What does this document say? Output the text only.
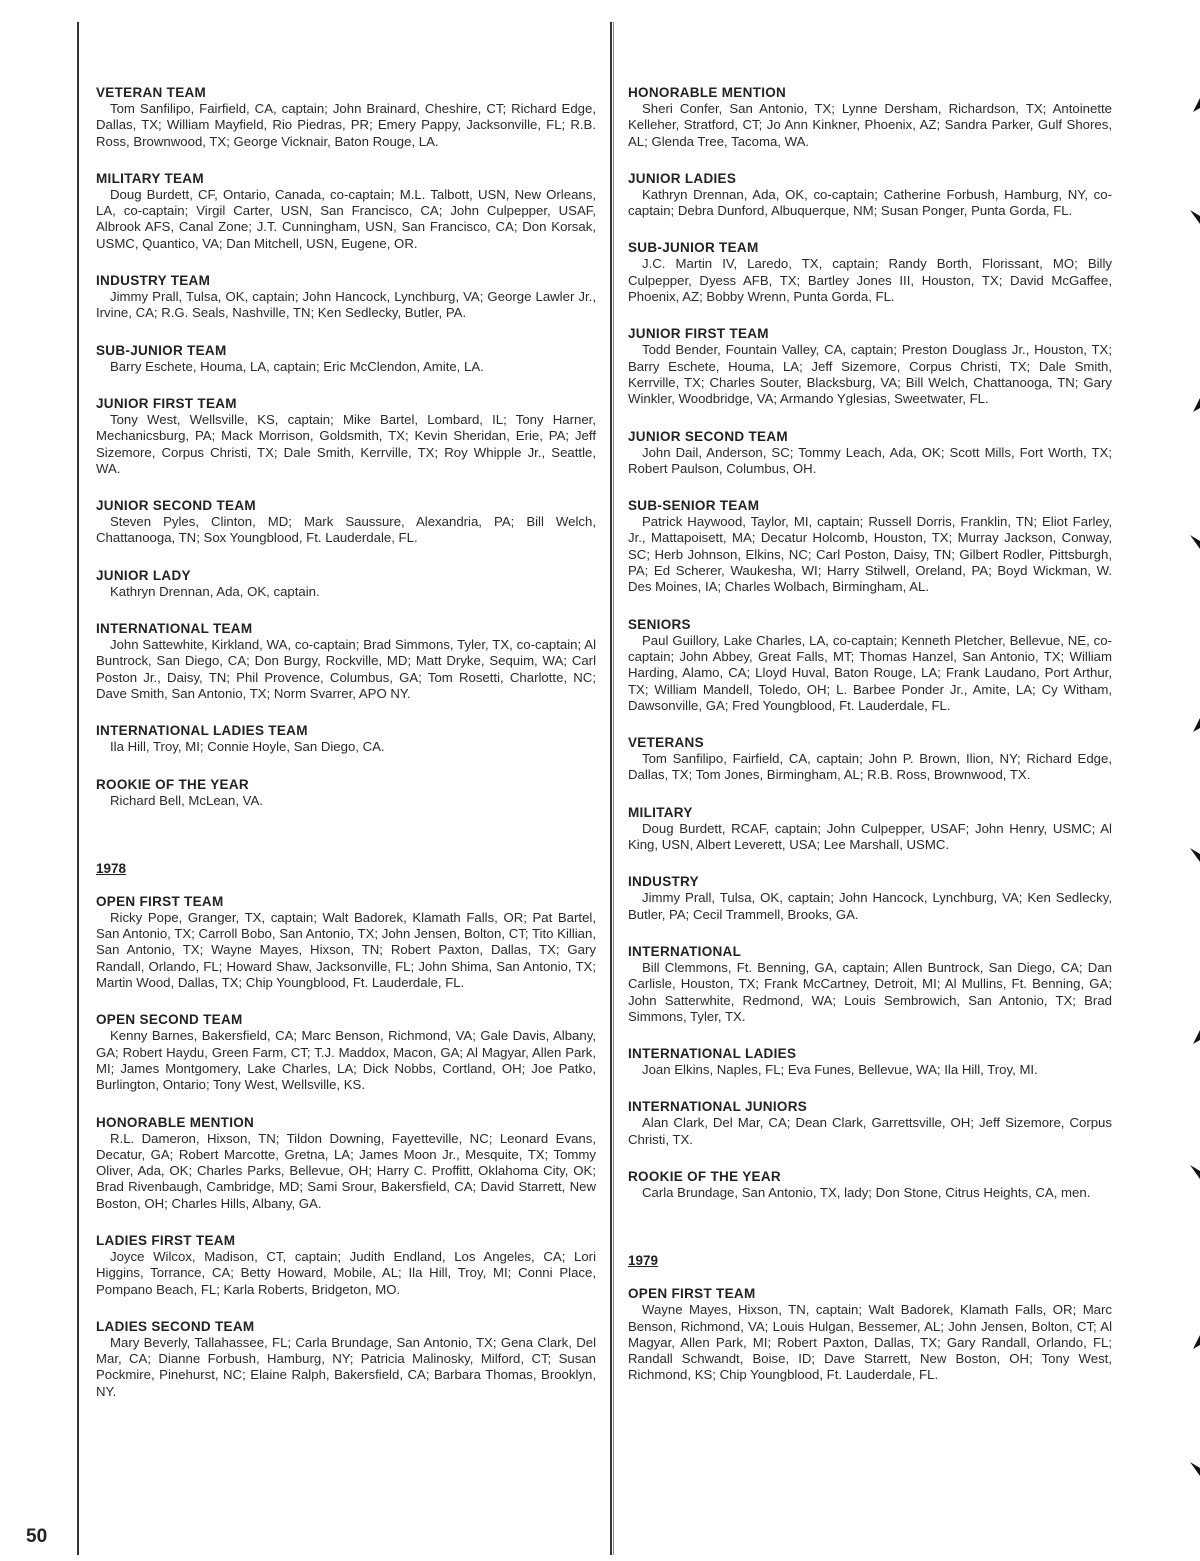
VETERAN TEAM
Tom Sanfilipo, Fairfield, CA, captain; John Brainard, Cheshire, CT; Richard Edge, Dallas, TX; William Mayfield, Rio Piedras, PR; Emery Pappy, Jacksonville, FL; R.B. Ross, Brownwood, TX; George Vicknair, Baton Rouge, LA.
MILITARY TEAM
Doug Burdett, CF, Ontario, Canada, co-captain; M.L. Talbott, USN, New Orleans, LA, co-captain; Virgil Carter, USN, San Francisco, CA; John Culpepper, USAF, Albrook AFS, Canal Zone; J.T. Cunningham, USN, San Francisco, CA; Don Korsak, USMC, Quantico, VA; Dan Mitchell, USN, Eugene, OR.
INDUSTRY TEAM
Jimmy Prall, Tulsa, OK, captain; John Hancock, Lynchburg, VA; George Lawler Jr., Irvine, CA; R.G. Seals, Nashville, TN; Ken Sedlecky, Butler, PA.
SUB-JUNIOR TEAM
Barry Eschete, Houma, LA, captain; Eric McClendon, Amite, LA.
JUNIOR FIRST TEAM
Tony West, Wellsville, KS, captain; Mike Bartel, Lombard, IL; Tony Harner, Mechanicsburg, PA; Mack Morrison, Goldsmith, TX; Kevin Sheridan, Erie, PA; Jeff Sizemore, Corpus Christi, TX; Dale Smith, Kerrville, TX; Roy Whipple Jr., Seattle, WA.
JUNIOR SECOND TEAM
Steven Pyles, Clinton, MD; Mark Saussure, Alexandria, PA; Bill Welch, Chattanooga, TN; Sox Youngblood, Ft. Lauderdale, FL.
JUNIOR LADY
Kathryn Drennan, Ada, OK, captain.
INTERNATIONAL TEAM
John Sattewhite, Kirkland, WA, co-captain; Brad Simmons, Tyler, TX, co-captain; Al Buntrock, San Diego, CA; Don Burgy, Rockville, MD; Matt Dryke, Sequim, WA; Carl Poston Jr., Daisy, TN; Phil Provence, Columbus, GA; Tom Rosetti, Charlotte, NC; Dave Smith, San Antonio, TX; Norm Svarrer, APO NY.
INTERNATIONAL LADIES TEAM
Ila Hill, Troy, MI; Connie Hoyle, San Diego, CA.
ROOKIE OF THE YEAR
Richard Bell, McLean, VA.
1978
OPEN FIRST TEAM
Ricky Pope, Granger, TX, captain; Walt Badorek, Klamath Falls, OR; Pat Bartel, San Antonio, TX; Carroll Bobo, San Antonio, TX; John Jensen, Bolton, CT; Tito Killian, San Antonio, TX; Wayne Mayes, Hixson, TN; Robert Paxton, Dallas, TX; Gary Randall, Orlando, FL; Howard Shaw, Jacksonville, FL; John Shima, San Antonio, TX; Martin Wood, Dallas, TX; Chip Youngblood, Ft. Lauderdale, FL.
OPEN SECOND TEAM
Kenny Barnes, Bakersfield, CA; Marc Benson, Richmond, VA; Gale Davis, Albany, GA; Robert Haydu, Green Farm, CT; T.J. Maddox, Macon, GA; Al Magyar, Allen Park, MI; James Montgomery, Lake Charles, LA; Dick Nobbs, Cortland, OH; Joe Patko, Burlington, Ontario; Tony West, Wellsville, KS.
HONORABLE MENTION
R.L. Dameron, Hixson, TN; Tildon Downing, Fayetteville, NC; Leonard Evans, Decatur, GA; Robert Marcotte, Gretna, LA; James Moon Jr., Mesquite, TX; Tommy Oliver, Ada, OK; Charles Parks, Bellevue, OH; Harry C. Proffitt, Oklahoma City, OK; Brad Rivenbaugh, Cambridge, MD; Sami Srour, Bakersfield, CA; David Starrett, New Boston, OH; Charles Hills, Albany, GA.
LADIES FIRST TEAM
Joyce Wilcox, Madison, CT, captain; Judith Endland, Los Angeles, CA; Lori Higgins, Torrance, CA; Betty Howard, Mobile, AL; Ila Hill, Troy, MI; Conni Place, Pompano Beach, FL; Karla Roberts, Bridgeton, MO.
LADIES SECOND TEAM
Mary Beverly, Tallahassee, FL; Carla Brundage, San Antonio, TX; Gena Clark, Del Mar, CA; Dianne Forbush, Hamburg, NY; Patricia Malinosky, Milford, CT; Susan Pockmire, Pinehurst, NC; Elaine Ralph, Bakersfield, CA; Barbara Thomas, Brooklyn, NY.
HONORABLE MENTION
Sheri Confer, San Antonio, TX; Lynne Dersham, Richardson, TX; Antoinette Kelleher, Stratford, CT; Jo Ann Kinkner, Phoenix, AZ; Sandra Parker, Gulf Shores, AL; Glenda Tree, Tacoma, WA.
JUNIOR LADIES
Kathryn Drennan, Ada, OK, co-captain; Catherine Forbush, Hamburg, NY, co-captain; Debra Dunford, Albuquerque, NM; Susan Ponger, Punta Gorda, FL.
SUB-JUNIOR TEAM
J.C. Martin IV, Laredo, TX, captain; Randy Borth, Florissant, MO; Billy Culpepper, Dyess AFB, TX; Bartley Jones III, Houston, TX; David McGaffee, Phoenix, AZ; Bobby Wrenn, Punta Gorda, FL.
JUNIOR FIRST TEAM
Todd Bender, Fountain Valley, CA, captain; Preston Douglass Jr., Houston, TX; Barry Eschete, Houma, LA; Jeff Sizemore, Corpus Christi, TX; Dale Smith, Kerrville, TX; Charles Souter, Blacksburg, VA; Bill Welch, Chattanooga, TN; Gary Winkler, Woodbridge, VA; Armando Yglesias, Sweetwater, FL.
JUNIOR SECOND TEAM
John Dail, Anderson, SC; Tommy Leach, Ada, OK; Scott Mills, Fort Worth, TX; Robert Paulson, Columbus, OH.
SUB-SENIOR TEAM
Patrick Haywood, Taylor, MI, captain; Russell Dorris, Franklin, TN; Eliot Farley, Jr., Mattapoisett, MA; Decatur Holcomb, Houston, TX; Murray Jackson, Conway, SC; Herb Johnson, Elkins, NC; Carl Poston, Daisy, TN; Gilbert Rodler, Pittsburgh, PA; Ed Scherer, Waukesha, WI; Harry Stilwell, Oreland, PA; Boyd Wickman, W. Des Moines, IA; Charles Wolbach, Birmingham, AL.
SENIORS
Paul Guillory, Lake Charles, LA, co-captain; Kenneth Pletcher, Bellevue, NE, co-captain; John Abbey, Great Falls, MT; Thomas Hanzel, San Antonio, TX; William Harding, Alamo, CA; Lloyd Huval, Baton Rouge, LA; Frank Laudano, Port Arthur, TX; William Mandell, Toledo, OH; L. Barbee Ponder Jr., Amite, LA; Cy Witham, Dawsonville, GA; Fred Youngblood, Ft. Lauderdale, FL.
VETERANS
Tom Sanfilipo, Fairfield, CA, captain; John P. Brown, Ilion, NY; Richard Edge, Dallas, TX; Tom Jones, Birmingham, AL; R.B. Ross, Brownwood, TX.
MILITARY
Doug Burdett, RCAF, captain; John Culpepper, USAF; John Henry, USMC; Al King, USN, Albert Leverett, USA; Lee Marshall, USMC.
INDUSTRY
Jimmy Prall, Tulsa, OK, captain; John Hancock, Lynchburg, VA; Ken Sedlecky, Butler, PA; Cecil Trammell, Brooks, GA.
INTERNATIONAL
Bill Clemmons, Ft. Benning, GA, captain; Allen Buntrock, San Diego, CA; Dan Carlisle, Houston, TX; Frank McCartney, Detroit, MI; Al Mullins, Ft. Benning, GA; John Satterwhite, Redmond, WA; Louis Sembrowich, San Antonio, TX; Brad Simmons, Tyler, TX.
INTERNATIONAL LADIES
Joan Elkins, Naples, FL; Eva Funes, Bellevue, WA; Ila Hill, Troy, MI.
INTERNATIONAL JUNIORS
Alan Clark, Del Mar, CA; Dean Clark, Garrettsville, OH; Jeff Sizemore, Corpus Christi, TX.
ROOKIE OF THE YEAR
Carla Brundage, San Antonio, TX, lady; Don Stone, Citrus Heights, CA, men.
1979
OPEN FIRST TEAM
Wayne Mayes, Hixson, TN, captain; Walt Badorek, Klamath Falls, OR; Marc Benson, Richmond, VA; Louis Hulgan, Bessemer, AL; John Jensen, Bolton, CT; Al Magyar, Allen Park, MI; Robert Paxton, Dallas, TX; Gary Randall, Orlando, FL; Randall Schwandt, Boise, ID; Dave Starrett, New Boston, OH; Tony West, Richmond, KS; Chip Youngblood, Ft. Lauderdale, FL.
50
